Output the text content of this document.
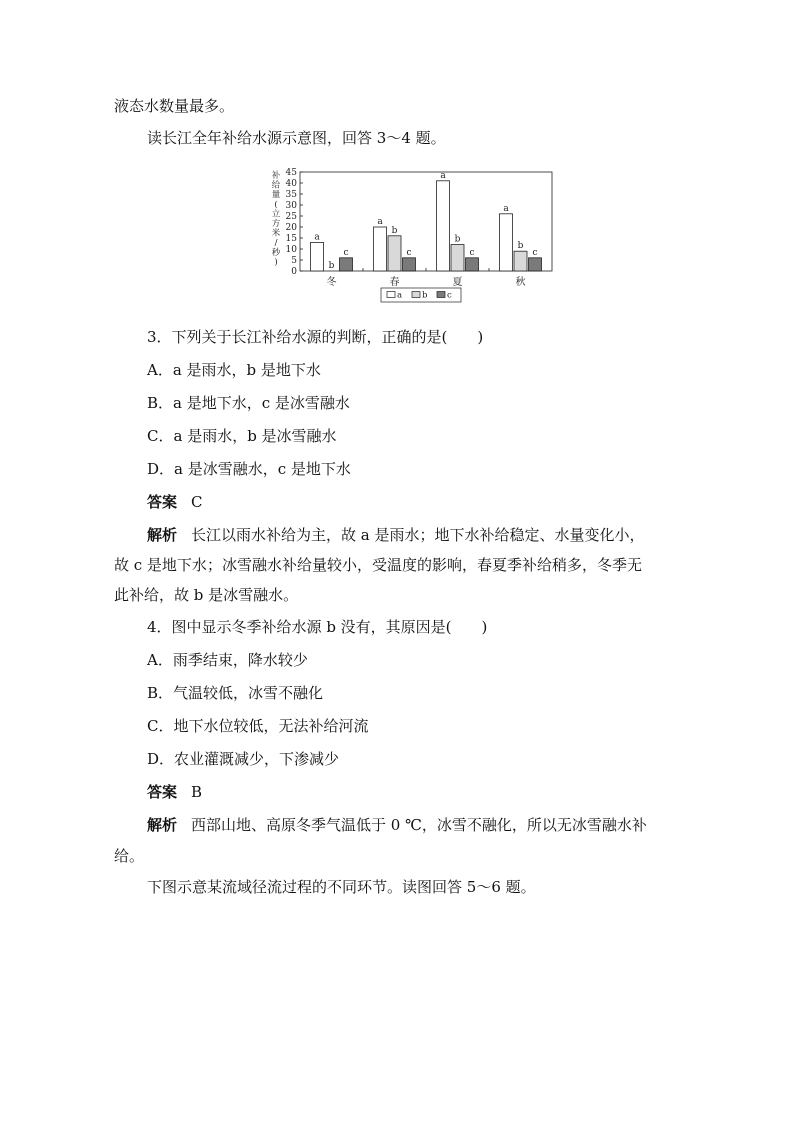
液态水数量最多。
读长江全年补给水源示意图，回答 3～4 题。
补给量(立方米/秒)
0
5
10
15
20
25
30
35
40
45
a
b
c
冬
a
b
c
春
a
b
c
夏
a
b
c
秋
a b c
3．下列关于长江补给水源的判断，正确的是(　　)
A．a 是雨水，b 是地下水
B．a 是地下水，c 是冰雪融水
C．a 是雨水，b 是冰雪融水
D．a 是冰雪融水，c 是地下水
答案 C
解析 长江以雨水补给为主，故 a 是雨水；地下水补给稳定、水量变化小，
故 c 是地下水；冰雪融水补给量较小，受温度的影响，春夏季补给稍多，冬季无
此补给，故 b 是冰雪融水。
4．图中显示冬季补给水源 b 没有，其原因是(　　)
A．雨季结束，降水较少
B．气温较低，冰雪不融化
C．地下水位较低，无法补给河流
D．农业灌溉减少，下渗减少
答案 B
解析 西部山地、高原冬季气温低于 0 ℃，冰雪不融化，所以无冰雪融水补
给。
下图示意某流域径流过程的不同环节。读图回答 5～6 题。
